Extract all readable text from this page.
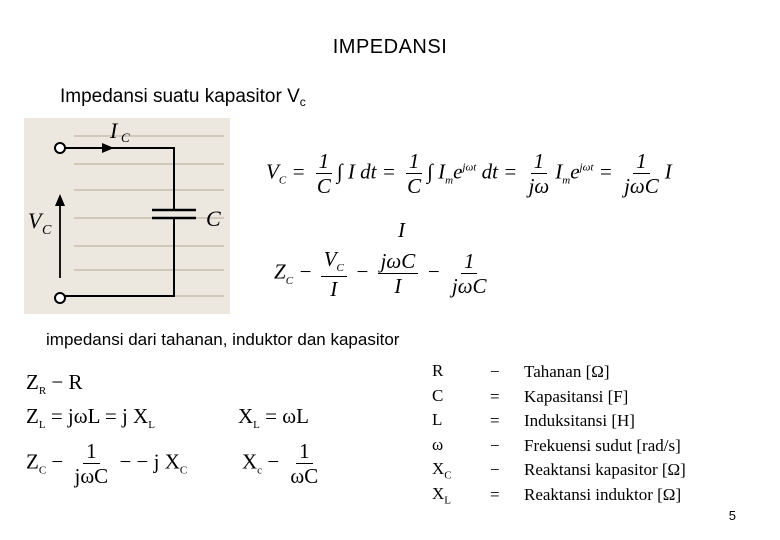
IMPEDANSI
Impedansi suatu kapasitor $V_c$
I C
V C	C
$V_C = \frac{1}{C}$ ∫ I dt = $\frac{1}{C}$ ∫ $I_me^{j\omega t}$ dt = $\frac{1}{j\omega} I_me^{j\omega t} = \frac{1}{\text{jωC}}$ I
I
$Z_C - \frac{V_C}{I} - \frac{\text{jωC}}{I} - \frac{1}{\text{jωC}}$
impedansi dari tahanan, induktor dan kapasitor
$Z_R - R$
$Z_L = j\omega L = j$ $X_L$	$X_L = \omega L$
$Z_C - \frac{1}{\text{jωC}}$ − − j $X_C$	$X_c - \frac{1}{\omega C}$
R	−	Tahanan [Ω]
C	=	Kapasitansi [F]
L	=	Induksitansi [H]
ω	−	Frekuensi sudut [rad/s]
$X_C$	−	Reaktansi kapasitor [Ω]
$X_L$	=	Reaktansi induktor [Ω]
5
